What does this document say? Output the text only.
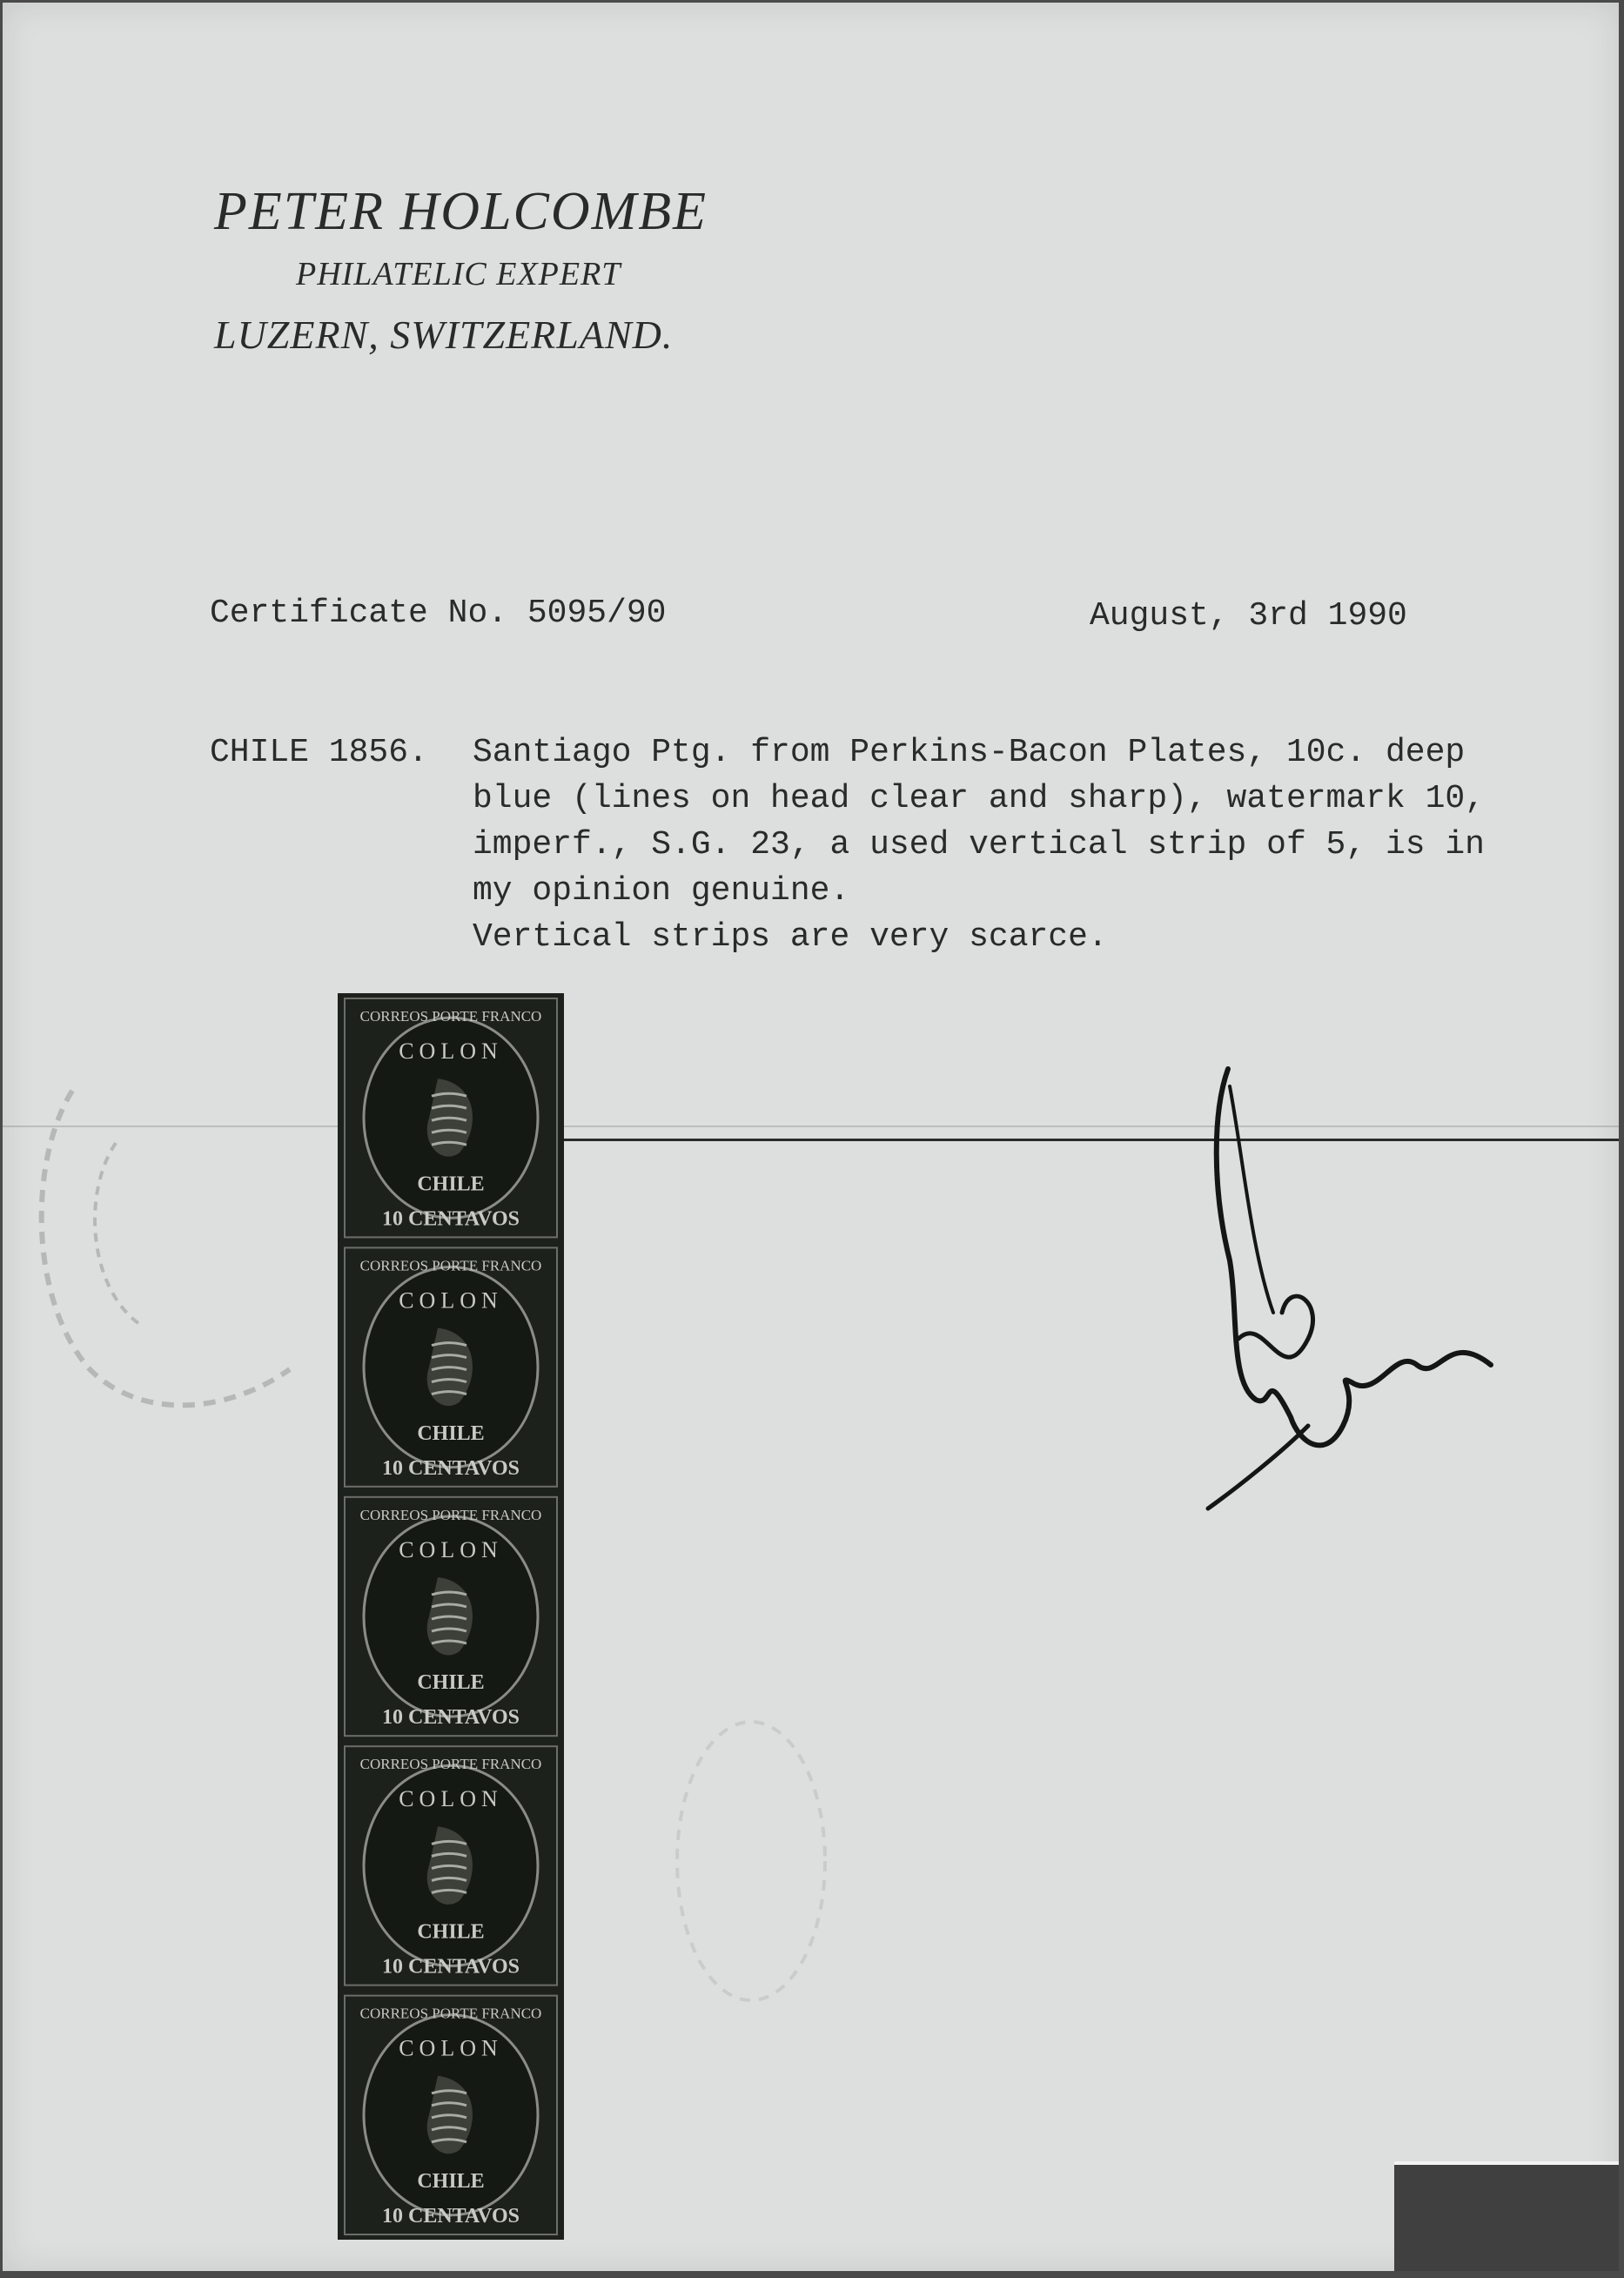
PETER HOLCOMBE
PHILATELIC EXPERT
LUZERN, SWITZERLAND.
Certificate No. 5095/90	August, 3rd 1990
CHILE 1856. Santiago Ptg. from Perkins-Bacon Plates, 10c. deep
blue (lines on head clear and sharp), watermark 10,
imperf., S.G. 23, a used vertical strip of 5, is in
my opinion genuine.
Vertical strips are very scarce.
CORREOS PORTE FRANCO
COLON
CHILE
10 CENTAVOS
CORREOS PORTE FRANCO
COLON
CHILE
10 CENTAVOS
CORREOS PORTE FRANCO
COLON
CHILE
10 CENTAVOS
CORREOS PORTE FRANCO
COLON
CHILE
10 CENTAVOS
CORREOS PORTE FRANCO
COLON
CHILE
10 CENTAVOS
